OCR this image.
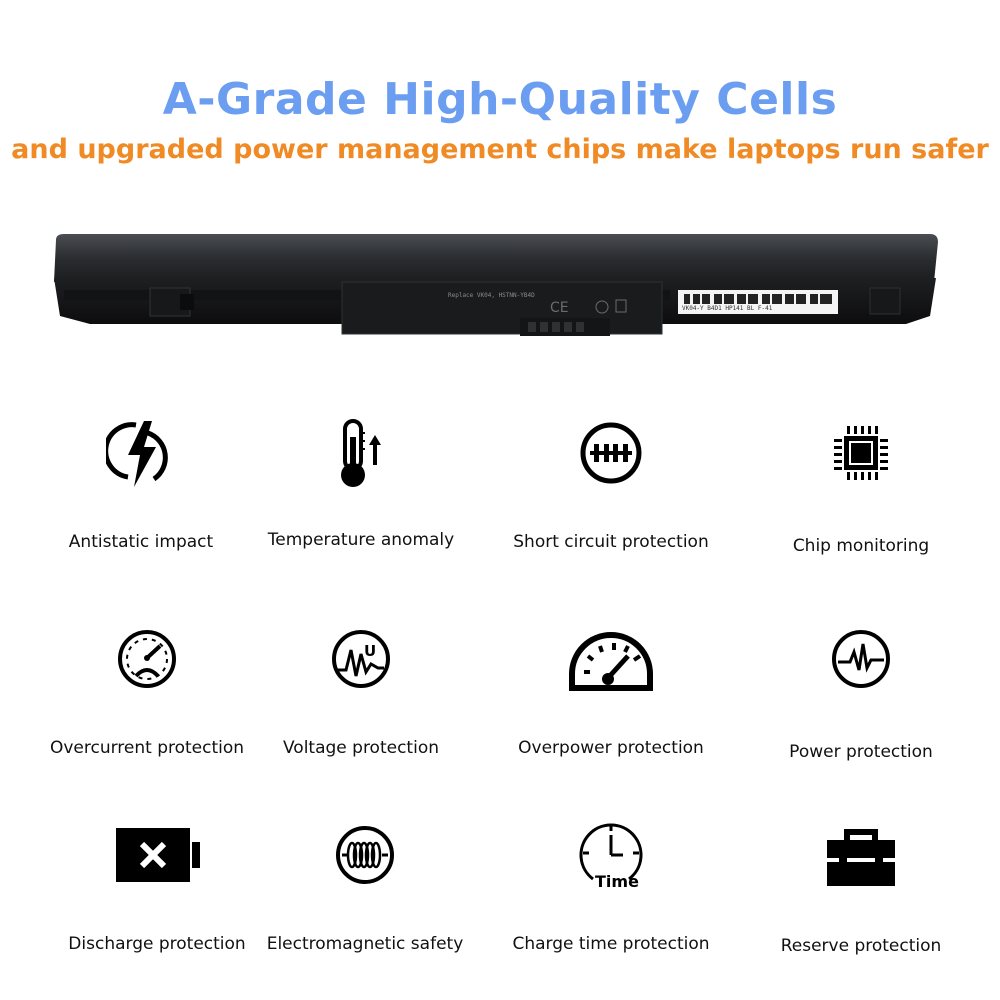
A-Grade High-Quality Cells
and upgraded power management chips make laptops run safer
CE
Replace VK04, HSTNN-YB4D
VK04-Y B4D1 HP141 BL F-41
Antistatic impact	Temperature anomaly	Short circuit protection	Chip monitoring
Overcurrent protection
U
Voltage protection	Overpower protection	Power protection
Discharge protection	Electromagnetic safety
Time
Charge time protection	Reserve protection
